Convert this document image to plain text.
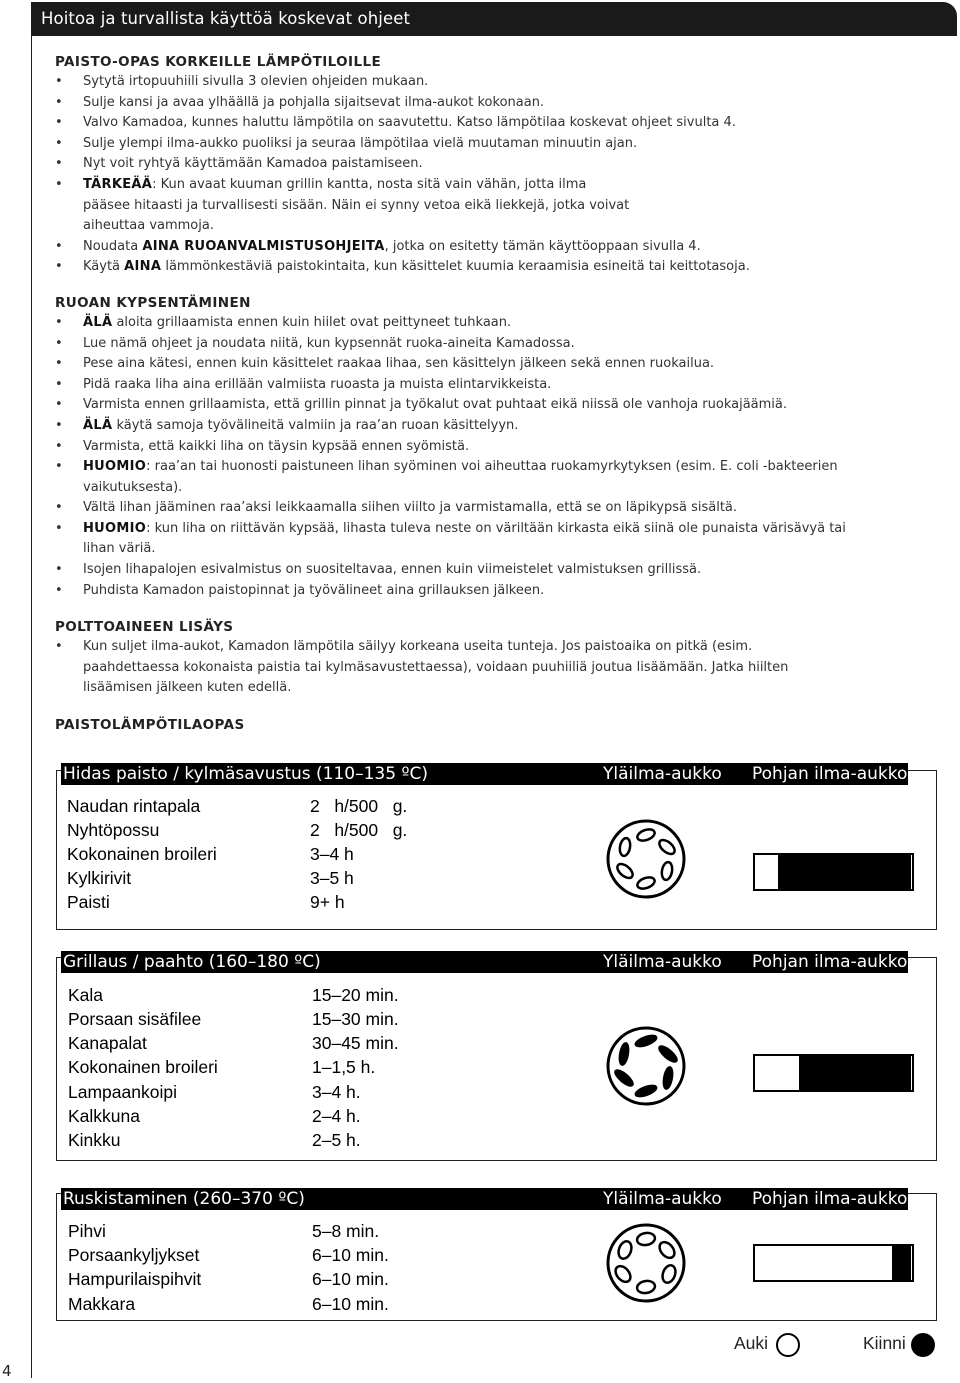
Hoitoa ja turvallista käyttöä koskevat ohjeet
4
PAISTO-OPAS KORKEILLE LÄMPÖTILOILLE
• Sytytä irtopuuhiili sivulla 3 olevien ohjeiden mukaan.
• Sulje kansi ja avaa ylhäällä ja pohjalla sijaitsevat ilma-aukot kokonaan.
• Valvo Kamadoa, kunnes haluttu lämpötila on saavutettu. Katso lämpötilaa koskevat ohjeet sivulta 4.
• Sulje ylempi ilma-aukko puoliksi ja seuraa lämpötilaa vielä muutaman minuutin ajan.
• Nyt voit ryhtyä käyttämään Kamadoa paistamiseen.
• TÄRKEÄÄ: Kun avaat kuuman grillin kantta, nosta sitä vain vähän, jotta ilma
pääsee hitaasti ja turvallisesti sisään. Näin ei synny vetoa eikä liekkejä, jotka voivat
aiheuttaa vammoja.
• Noudata AINA RUOANVALMISTUSOHJEITA, jotka on esitetty tämän käyttöoppaan sivulla 4.
• Käytä AINA lämmönkestäviä paistokintaita, kun käsittelet kuumia keraamisia esineitä tai keittotasoja.
RUOAN KYPSENTÄMINEN
• ÄLÄ aloita grillaamista ennen kuin hiilet ovat peittyneet tuhkaan.
• Lue nämä ohjeet ja noudata niitä, kun kypsennät ruoka-aineita Kamadossa.
• Pese aina kätesi, ennen kuin käsittelet raakaa lihaa, sen käsittelyn jälkeen sekä ennen ruokailua.
• Pidä raaka liha aina erillään valmiista ruoasta ja muista elintarvikkeista.
• Varmista ennen grillaamista, että grillin pinnat ja työkalut ovat puhtaat eikä niissä ole vanhoja ruokajäämiä.
• ÄLÄ käytä samoja työvälineitä valmiin ja raa’an ruoan käsittelyyn.
• Varmista, että kaikki liha on täysin kypsää ennen syömistä.
• HUOMIO: raa’an tai huonosti paistuneen lihan syöminen voi aiheuttaa ruokamyrkytyksen (esim. E. coli -bakteerien
vaikutuksesta).
• Vältä lihan jääminen raa’aksi leikkaamalla siihen viilto ja varmistamalla, että se on läpikypsä sisältä.
• HUOMIO: kun liha on riittävän kypsää, lihasta tuleva neste on väriltään kirkasta eikä siinä ole punaista värisävyä tai
lihan väriä.
• Isojen lihapalojen esivalmistus on suositeltavaa, ennen kuin viimeistelet valmistuksen grillissä.
• Puhdista Kamadon paistopinnat ja työvälineet aina grillauksen jälkeen.
POLTTOAINEEN LISÄYS
• Kun suljet ilma-aukot, Kamadon lämpötila säilyy korkeana useita tunteja. Jos paistoaika on pitkä (esim.
paahdettaessa kokonaista paistia tai kylmäsavustettaessa), voidaan puuhiiliä joutua lisäämään. Jatka hiilten
lisäämisen jälkeen kuten edellä.
PAISTOLÄMPÖTILAOPAS
Hidas paisto / kylmäsavustus (110–135 ºC)	Yläilma-aukko Pohjan ilma-aukko
Naudan rintapala	2   h/500   g.
Nyhtöpossu	2   h/500   g.
Kokonainen broileri	3–4 h
Kylkirivit	3–5 h
Paisti	9+ h
Grillaus / paahto (160–180 ºC)	Yläilma-aukko Pohjan ilma-aukko
Kala	15–20 min.
Porsaan sisäfilee	15–30 min.
Kanapalat	30–45 min.
Kokonainen broileri	1–1,5 h.
Lampaankoipi	3–4 h.
Kalkkuna	2–4 h.
Kinkku	2–5 h.
Ruskistaminen (260–370 ºC)	Yläilma-aukko Pohjan ilma-aukko
Pihvi	5–8 min.
Porsaankyljykset	6–10 min.
Hampurilaispihvit	6–10 min.
Makkara	6–10 min.
Auki	Kiinni
